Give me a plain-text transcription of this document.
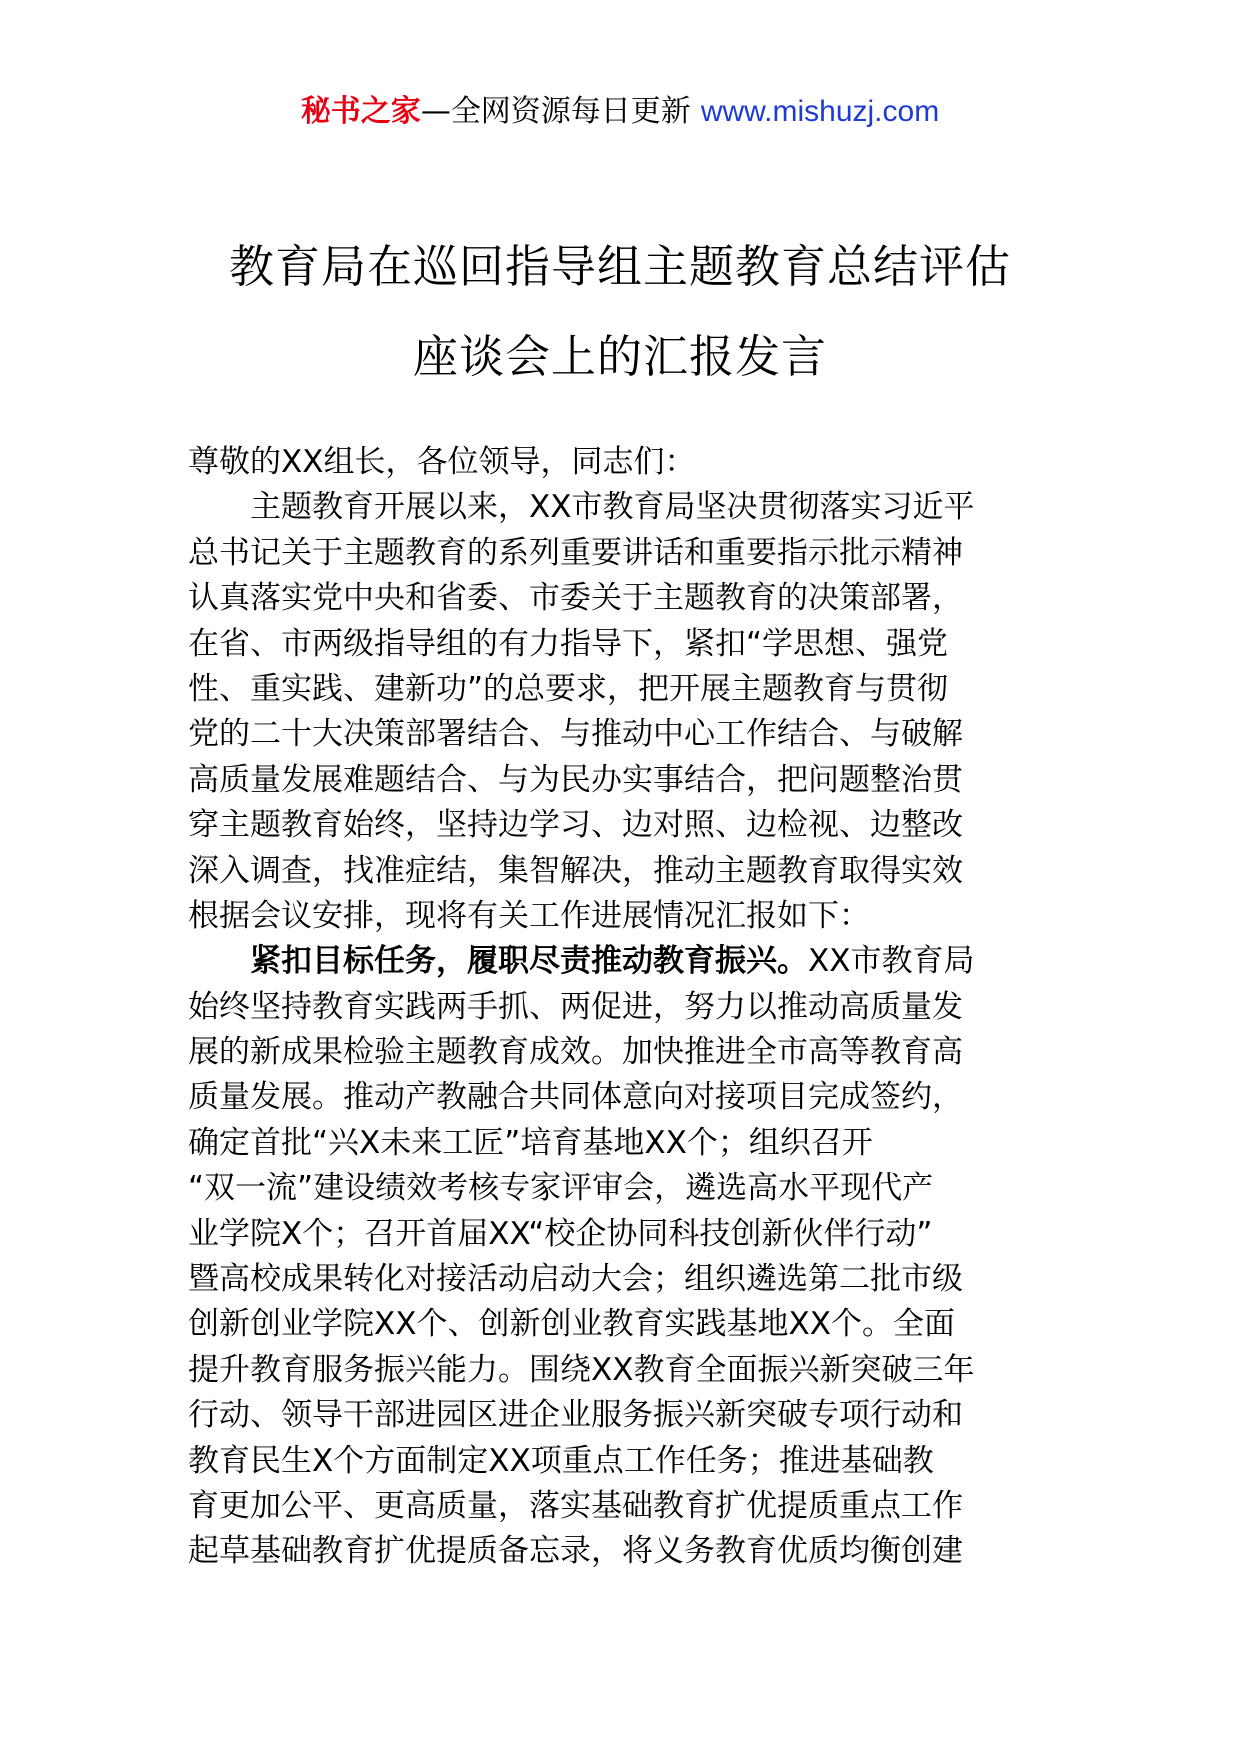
秘书之家—全网资源每日更新 www.mishuzj.com
教育局在巡回指导组主题教育总结评估
座谈会上的汇报发言
尊敬的XX组长，各位领导，同志们：
主题教育开展以来，XX市教育局坚决贯彻落实习近平
总书记关于主题教育的系列重要讲话和重要指示批示精神
认真落实党中央和省委、市委关于主题教育的决策部署，
在省、市两级指导组的有力指导下，紧扣“学思想、强党
性、重实践、建新功”的总要求，把开展主题教育与贯彻
党的二十大决策部署结合、与推动中心工作结合、与破解
高质量发展难题结合、与为民办实事结合，把问题整治贯
穿主题教育始终，坚持边学习、边对照、边检视、边整改
深入调查，找准症结，集智解决，推动主题教育取得实效
根据会议安排，现将有关工作进展情况汇报如下：
紧扣目标任务，履职尽责推动教育振兴。XX市教育局
始终坚持教育实践两手抓、两促进，努力以推动高质量发
展的新成果检验主题教育成效。加快推进全市高等教育高
质量发展。推动产教融合共同体意向对接项目完成签约，
确定首批“兴X未来工匠”培育基地XX个；组织召开
“双一流”建设绩效考核专家评审会，遴选高水平现代产
业学院X个；召开首届XX“校企协同科技创新伙伴行动”
暨高校成果转化对接活动启动大会；组织遴选第二批市级
创新创业学院XX个、创新创业教育实践基地XX个。全面
提升教育服务振兴能力。围绕XX教育全面振兴新突破三年
行动、领导干部进园区进企业服务振兴新突破专项行动和
教育民生X个方面制定XX项重点工作任务；推进基础教
育更加公平、更高质量，落实基础教育扩优提质重点工作
起草基础教育扩优提质备忘录，将义务教育优质均衡创建
